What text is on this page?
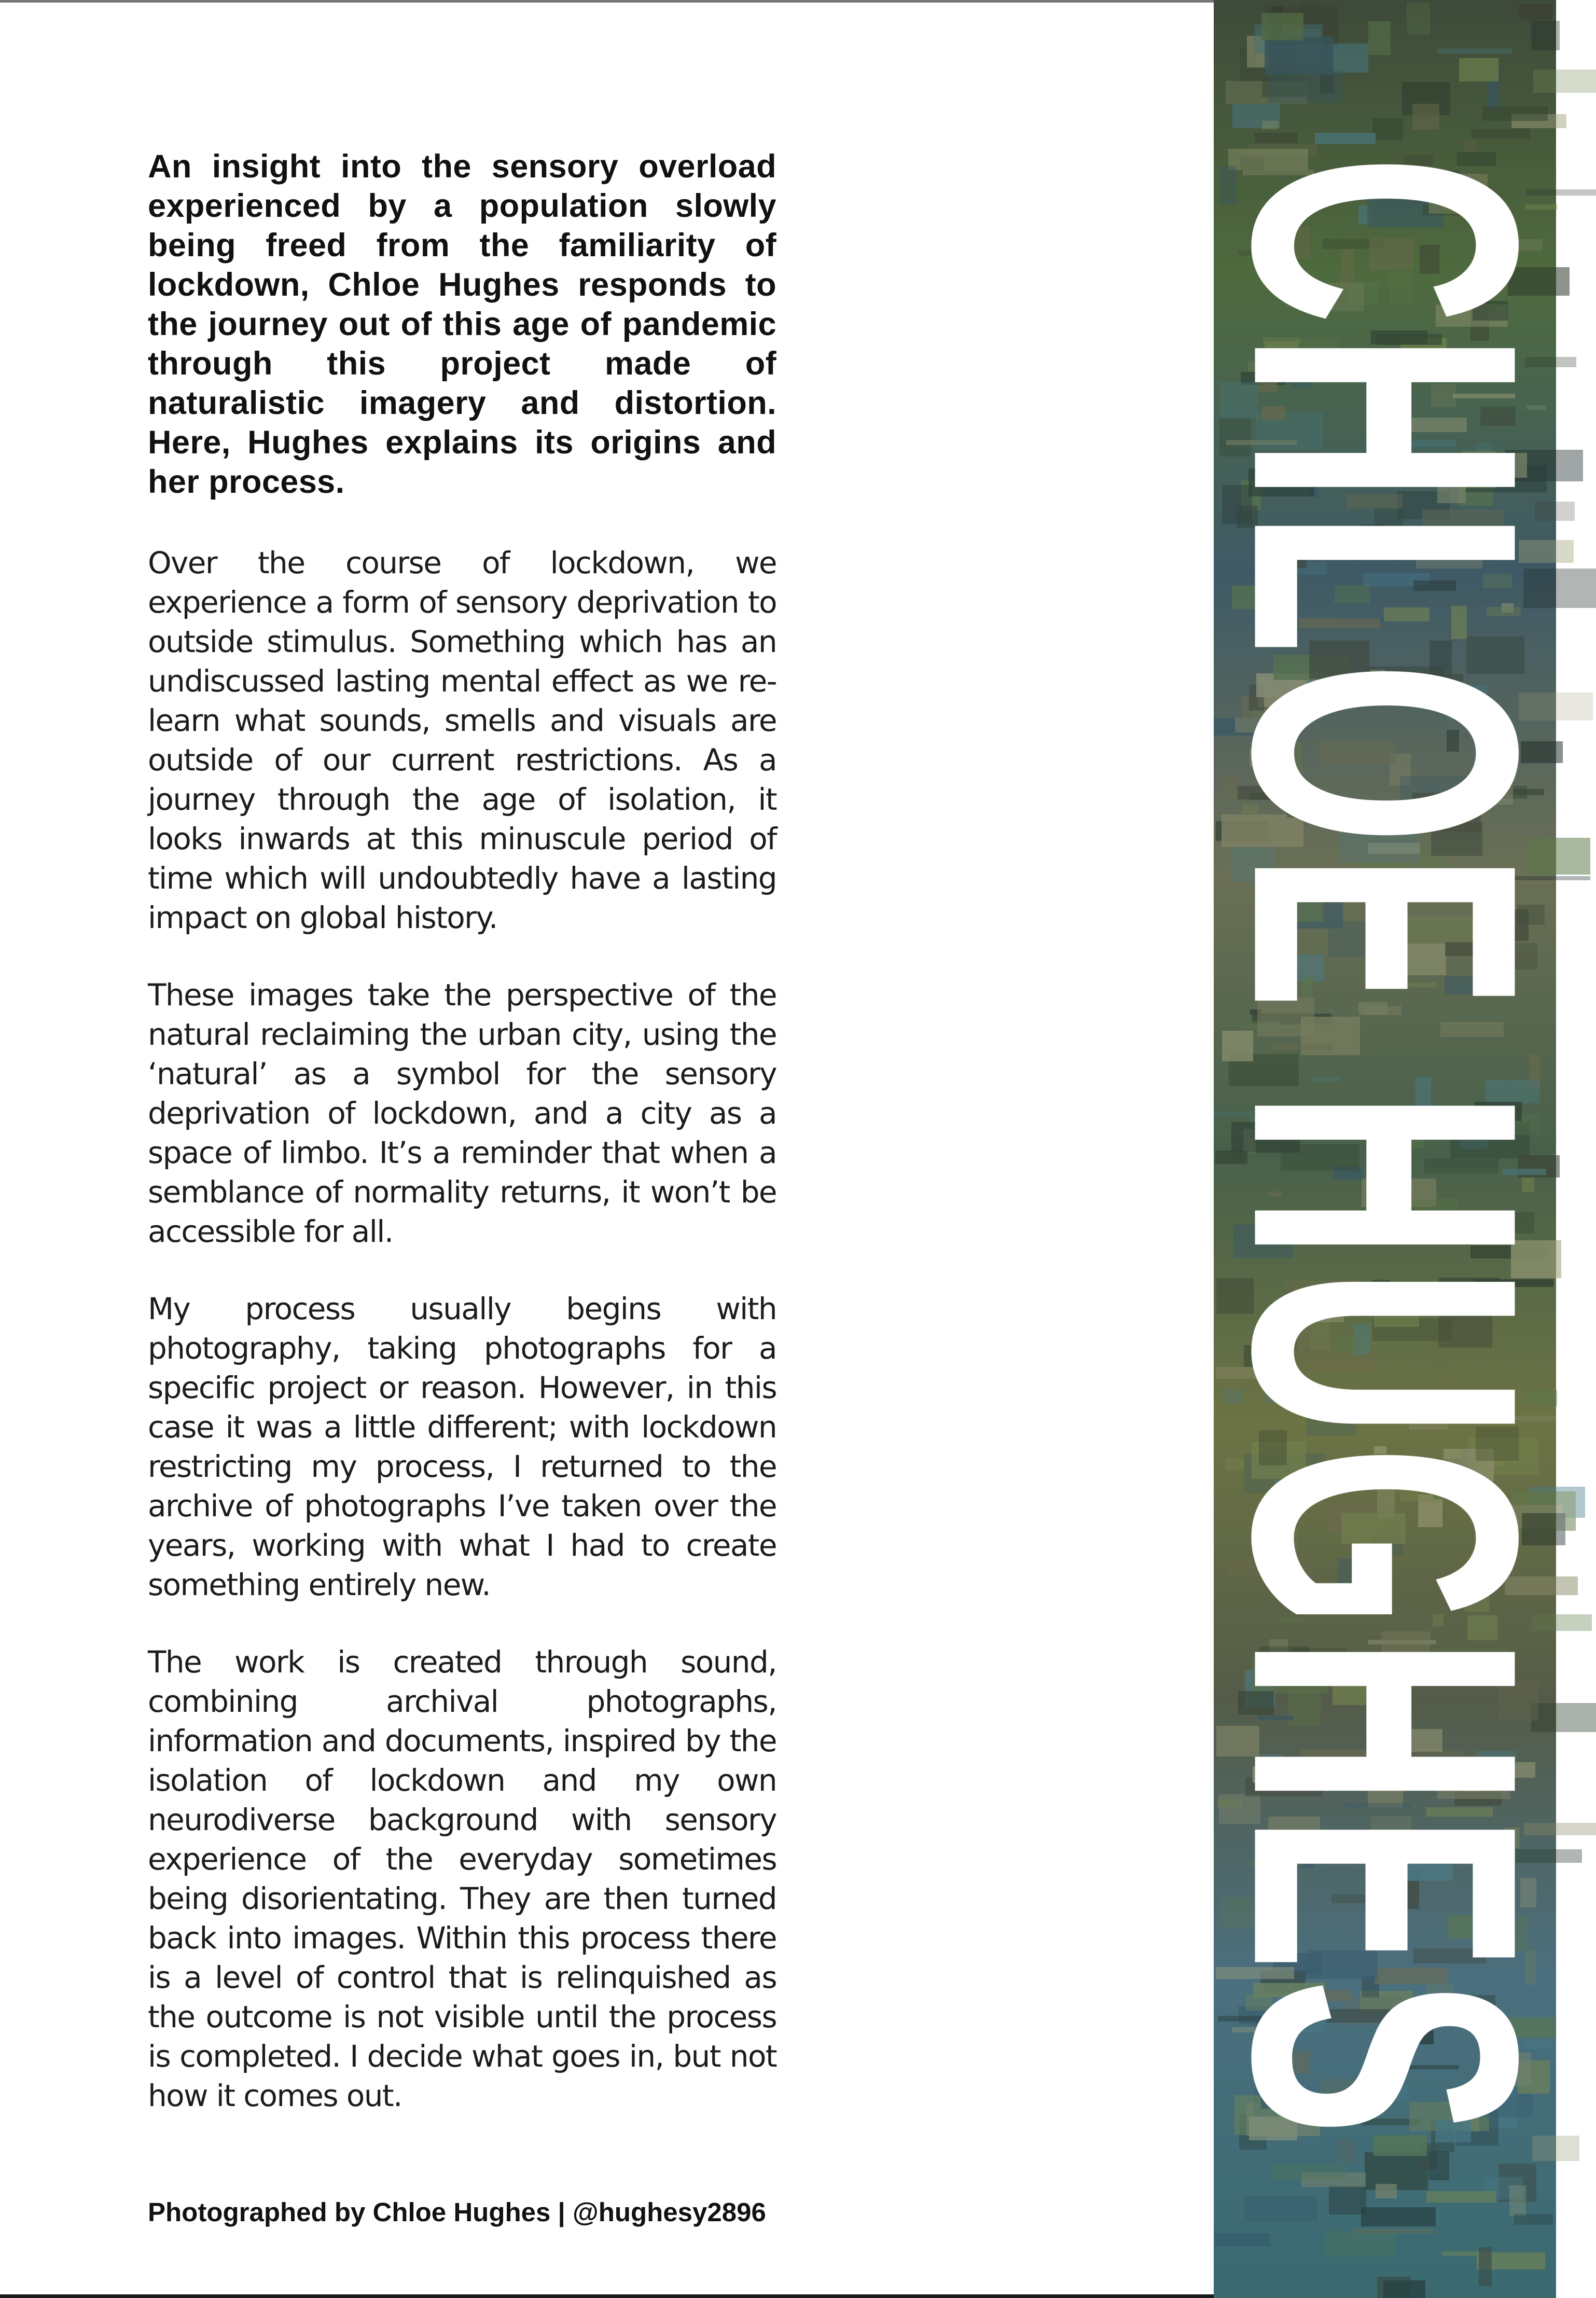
An insight into the sensory overload experienced by a population slowly being freed from the familiarity of lockdown, Chloe Hughes responds to the journey out of this age of pandemic through this project made of naturalistic imagery and distortion. Here, Hughes explains its origins and her process.

Over the course of lockdown, we experience a form of sensory deprivation to outside stimulus. Something which has an undiscussed lasting mental effect as we re-learn what sounds, smells and visuals are outside of our current restrictions. As a journey through the age of isolation, it looks inwards at this minuscule period of time which will undoubtedly have a lasting impact on global history.

These images take the perspective of the natural reclaiming the urban city, using the ‘natural’ as a symbol for the sensory deprivation of lockdown, and a city as a space of limbo. It’s a reminder that when a semblance of normality returns, it won’t be accessible for all.

My process usually begins with photography, taking photographs for a specific project or reason. However, in this case it was a little different; with lockdown restricting my process, I returned to the archive of photographs I’ve taken over the years, working with what I had to create something entirely new.

The work is created through sound, combining archival photographs, information and documents, inspired by the isolation of lockdown and my own neurodiverse background with sensory experience of the everyday sometimes being disorientating. They are then turned back into images. Within this process there is a level of control that is relinquished as the outcome is not visible until the process is completed. I decide what goes in, but not how it comes out.

Photographed by Chloe Hughes | @hughesy2896

CHLOE HUGHES
